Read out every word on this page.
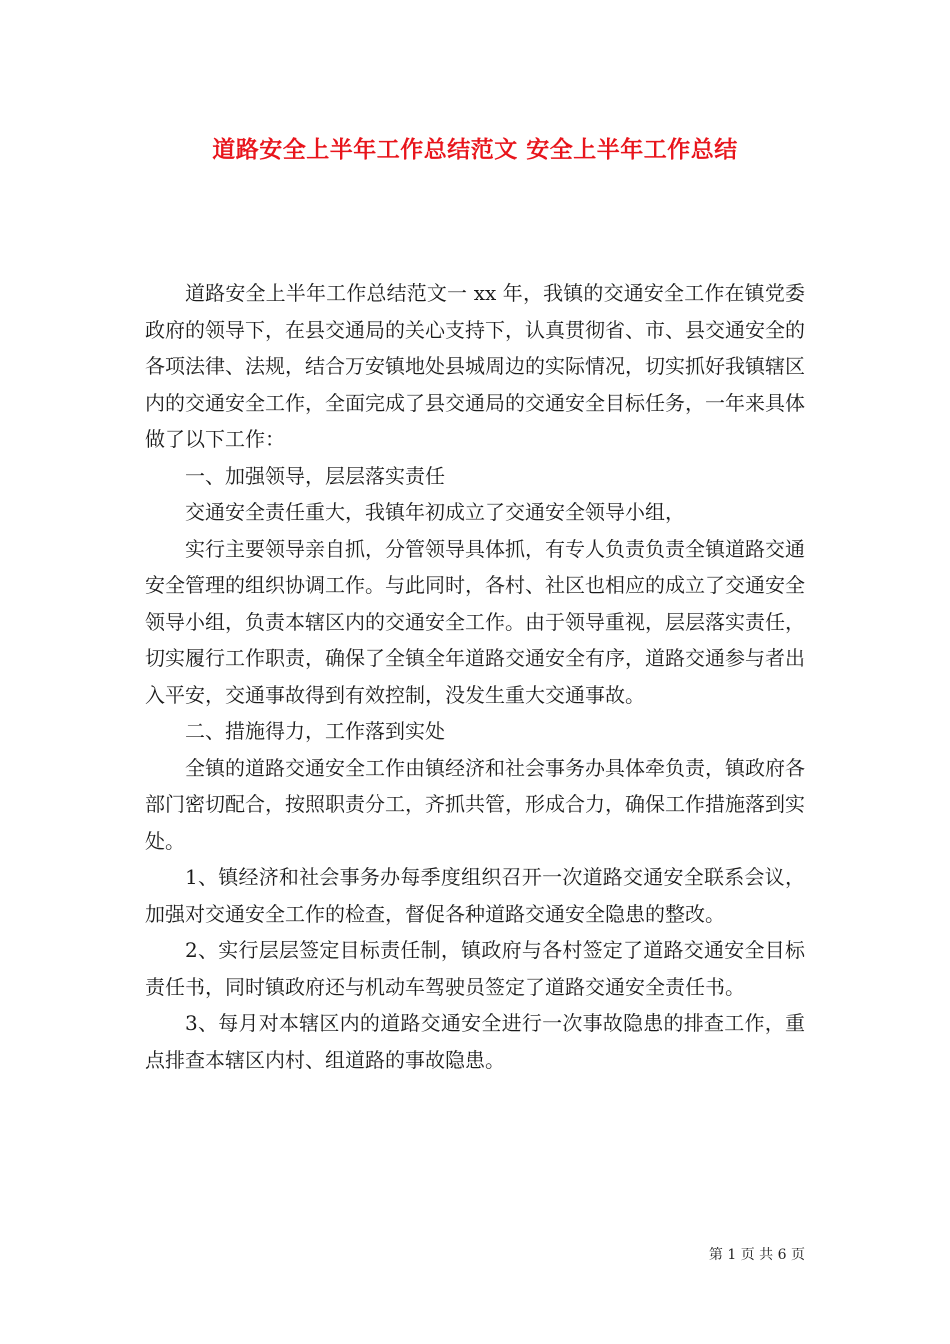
道路安全上半年工作总结范文 安全上半年工作总结

道路安全上半年工作总结范文一 xx 年，我镇的交通安全工作在镇党委政府的领导下，在县交通局的关心支持下，认真贯彻省、市、县交通安全的各项法律、法规，结合万安镇地处县城周边的实际情况，切实抓好我镇辖区内的交通安全工作，全面完成了县交通局的交通安全目标任务，一年来具体做了以下工作：

一、加强领导，层层落实责任

交通安全责任重大，我镇年初成立了交通安全领导小组，

实行主要领导亲自抓，分管领导具体抓，有专人负责负责全镇道路交通安全管理的组织协调工作。与此同时，各村、社区也相应的成立了交通安全领导小组，负责本辖区内的交通安全工作。由于领导重视，层层落实责任，切实履行工作职责，确保了全镇全年道路交通安全有序，道路交通参与者出入平安，交通事故得到有效控制，没发生重大交通事故。

二、措施得力，工作落到实处

全镇的道路交通安全工作由镇经济和社会事务办具体牵负责，镇政府各部门密切配合，按照职责分工，齐抓共管，形成合力，确保工作措施落到实处。

1、镇经济和社会事务办每季度组织召开一次道路交通安全联系会议，加强对交通安全工作的检查，督促各种道路交通安全隐患的整改。

2、实行层层签定目标责任制，镇政府与各村签定了道路交通安全目标责任书，同时镇政府还与机动车驾驶员签定了道路交通安全责任书。

3、每月对本辖区内的道路交通安全进行一次事故隐患的排查工作，重点排查本辖区内村、组道路的事故隐患。

第 1 页 共 6 页
